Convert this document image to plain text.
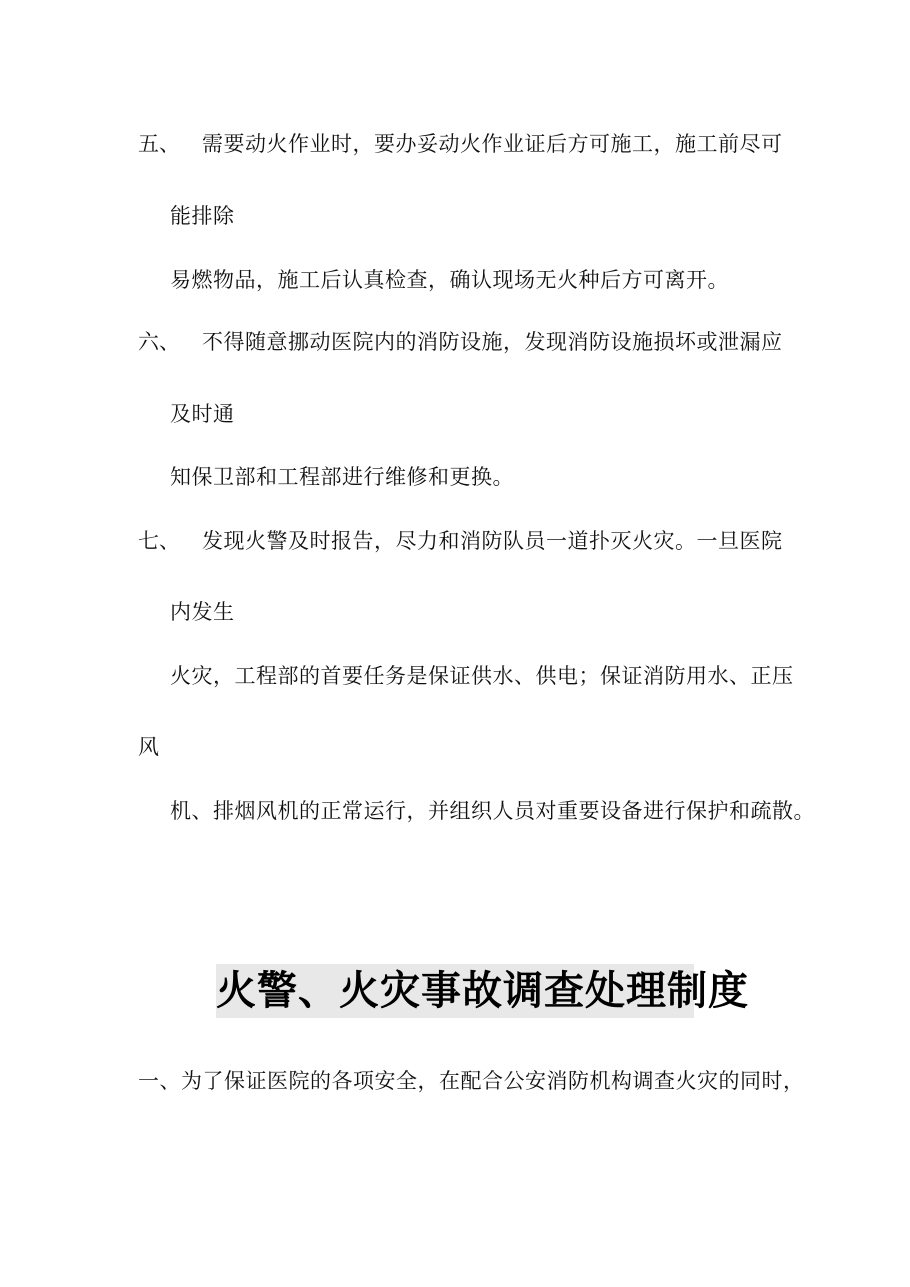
五、 需要动火作业时，要办妥动火作业证后方可施工，施工前尽可
能排除
易燃物品，施工后认真检查，确认现场无火种后方可离开。
六、 不得随意挪动医院内的消防设施，发现消防设施损坏或泄漏应
及时通
知保卫部和工程部进行维修和更换。
七、 发现火警及时报告，尽力和消防队员一道扑灭火灾。一旦医院
内发生
火灾，工程部的首要任务是保证供水、供电；保证消防用水、正压
风
机、排烟风机的正常运行，并组织人员对重要设备进行保护和疏散。
火警、火灾事故调查处理制度
一、为了保证医院的各项安全，在配合公安消防机构调查火灾的同时，
